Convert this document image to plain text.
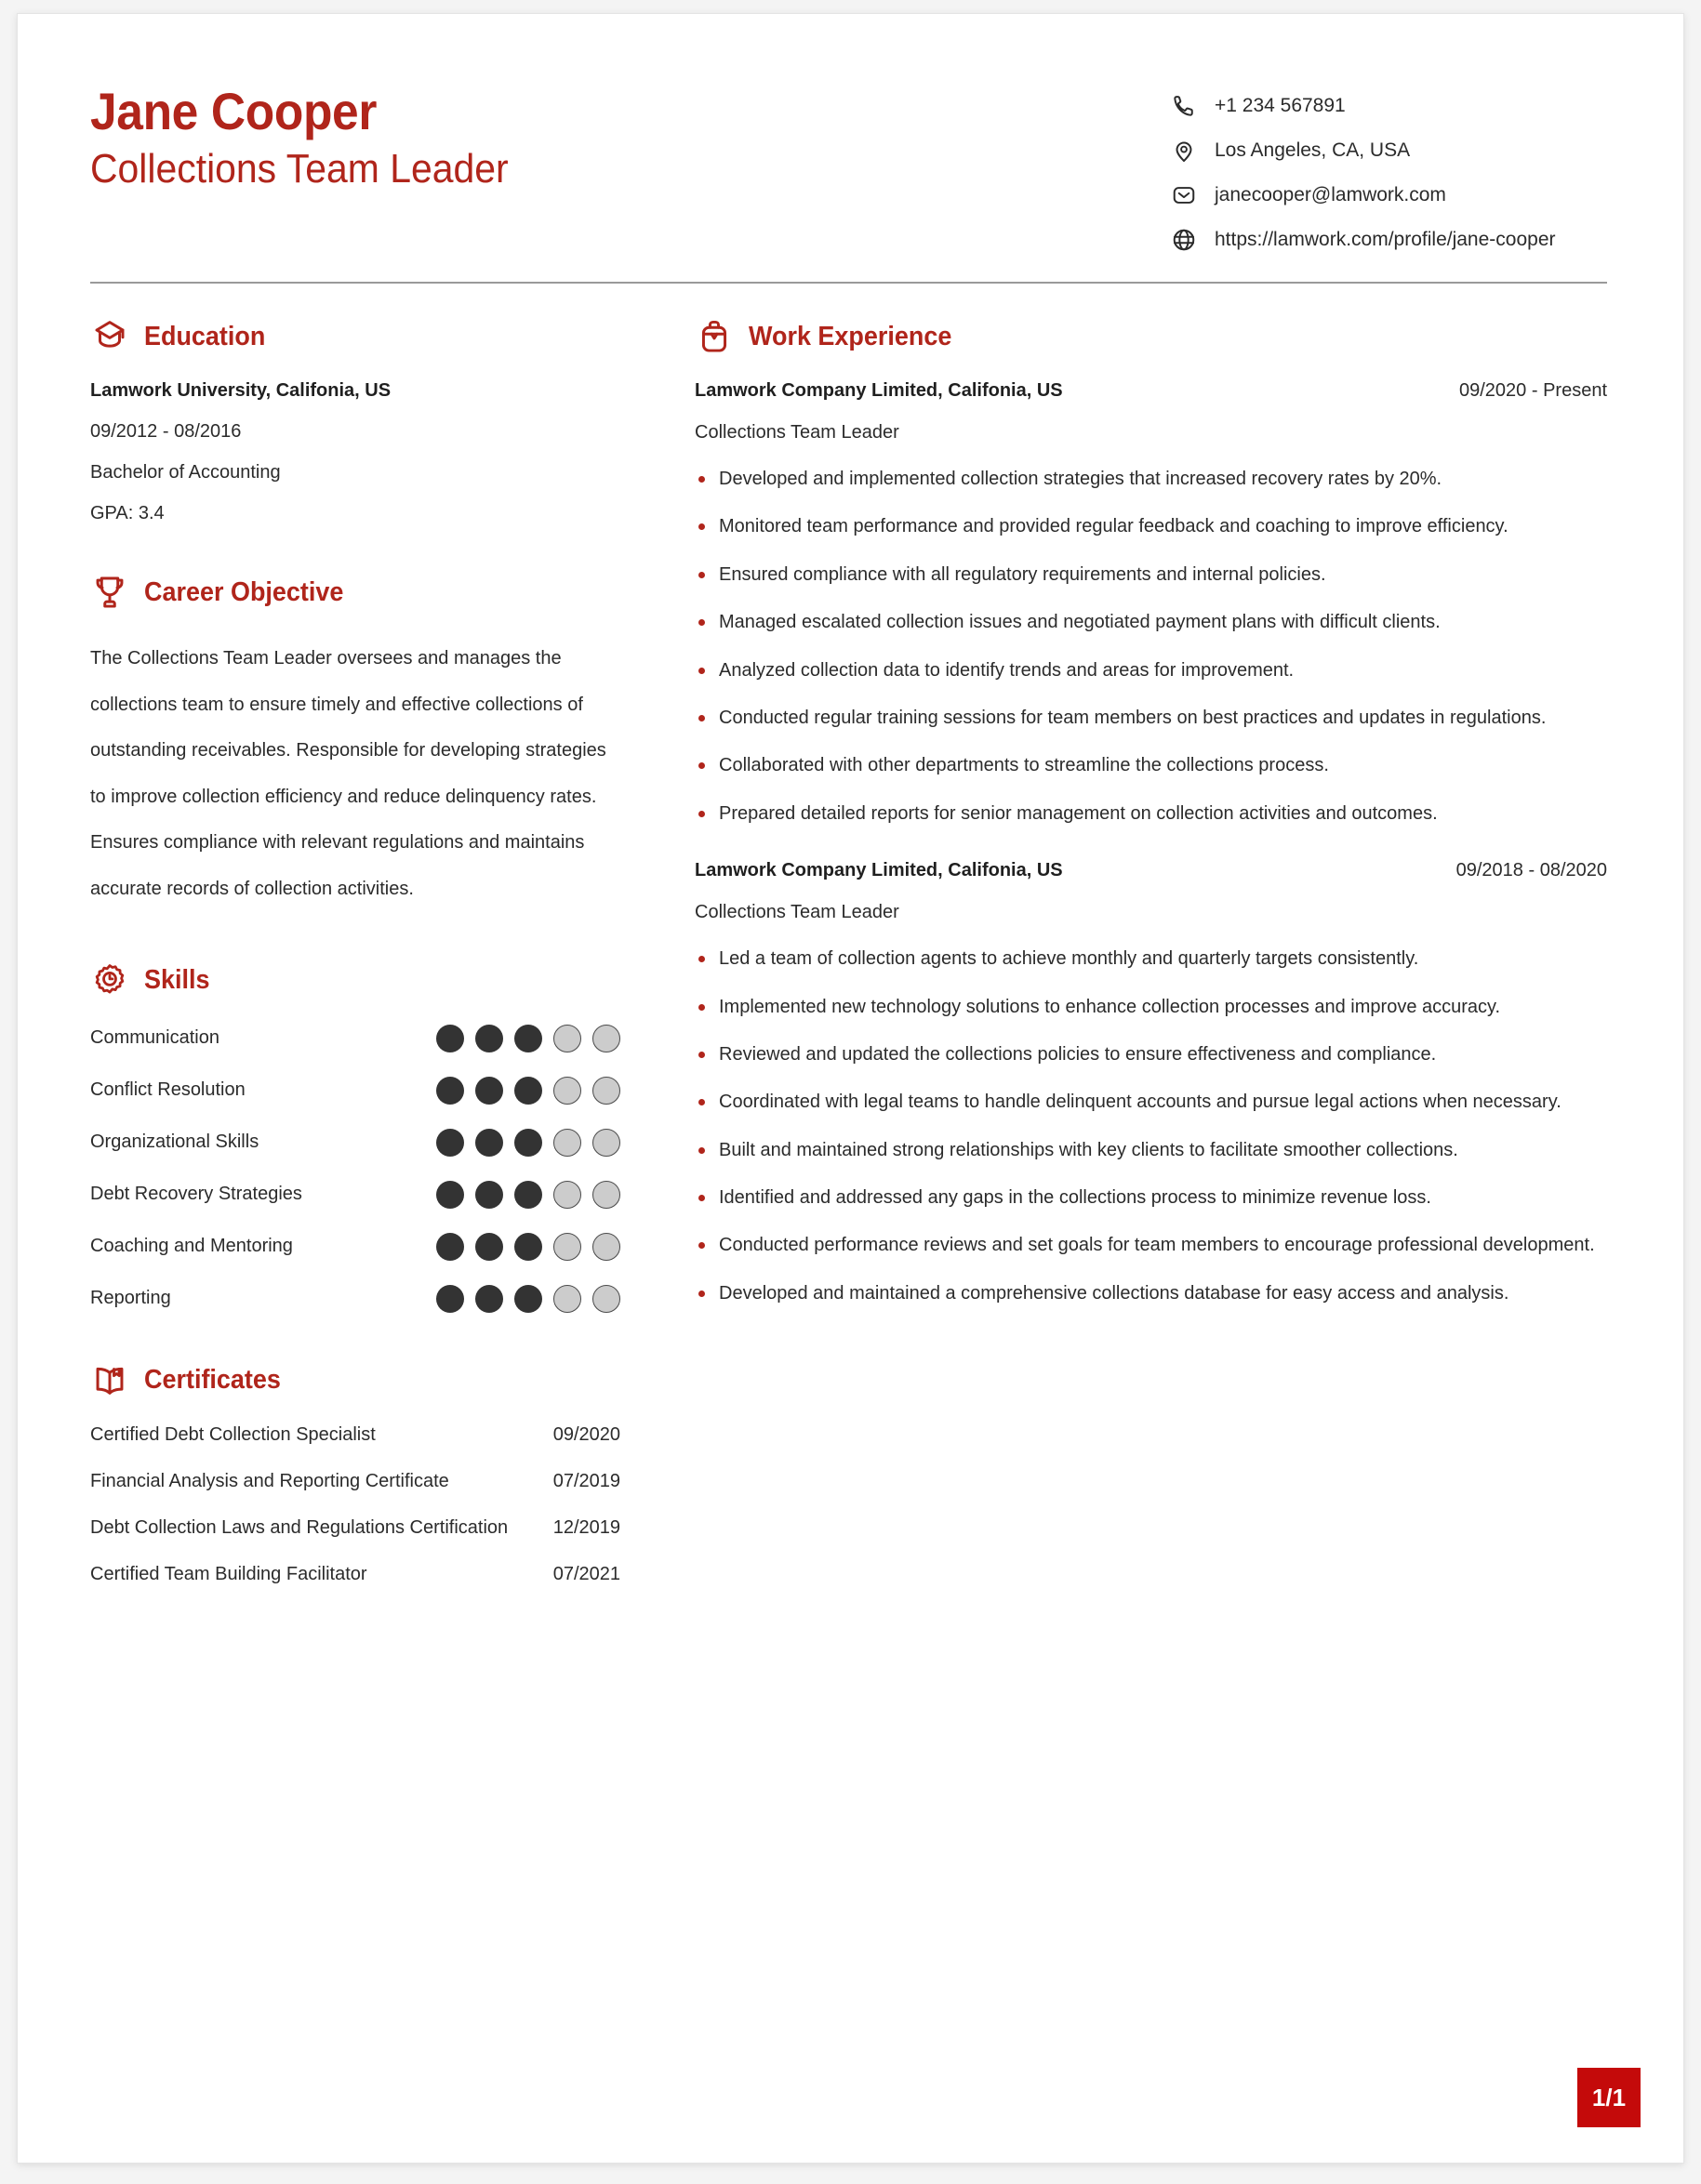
Jane Cooper
Collections Team Leader
+1 234 567891
Los Angeles, CA, USA
janecooper@lamwork.com
https://lamwork.com/profile/jane-cooper
Education
Lamwork University, Califonia, US
09/2012 - 08/2016
Bachelor of Accounting
GPA: 3.4
Career Objective
The Collections Team Leader oversees and manages the collections team to ensure timely and effective collections of outstanding receivables. Responsible for developing strategies to improve collection efficiency and reduce delinquency rates. Ensures compliance with relevant regulations and maintains accurate records of collection activities.
Skills
Communication
Conflict Resolution
Organizational Skills
Debt Recovery Strategies
Coaching and Mentoring
Reporting
Certificates
Certified Debt Collection Specialist	09/2020
Financial Analysis and Reporting Certificate	07/2019
Debt Collection Laws and Regulations Certification 12/2019
Certified Team Building Facilitator	07/2021
Work Experience
Lamwork Company Limited, Califonia, US	09/2020 - Present
Collections Team Leader
Developed and implemented collection strategies that increased recovery rates by 20%.
Monitored team performance and provided regular feedback and coaching to improve efficiency.
Ensured compliance with all regulatory requirements and internal policies.
Managed escalated collection issues and negotiated payment plans with difficult clients.
Analyzed collection data to identify trends and areas for improvement.
Conducted regular training sessions for team members on best practices and updates in regulations.
Collaborated with other departments to streamline the collections process.
Prepared detailed reports for senior management on collection activities and outcomes.
Lamwork Company Limited, Califonia, US	09/2018 - 08/2020
Collections Team Leader
Led a team of collection agents to achieve monthly and quarterly targets consistently.
Implemented new technology solutions to enhance collection processes and improve accuracy.
Reviewed and updated the collections policies to ensure effectiveness and compliance.
Coordinated with legal teams to handle delinquent accounts and pursue legal actions when necessary.
Built and maintained strong relationships with key clients to facilitate smoother collections.
Identified and addressed any gaps in the collections process to minimize revenue loss.
Conducted performance reviews and set goals for team members to encourage professional development.
Developed and maintained a comprehensive collections database for easy access and analysis.
1/1
